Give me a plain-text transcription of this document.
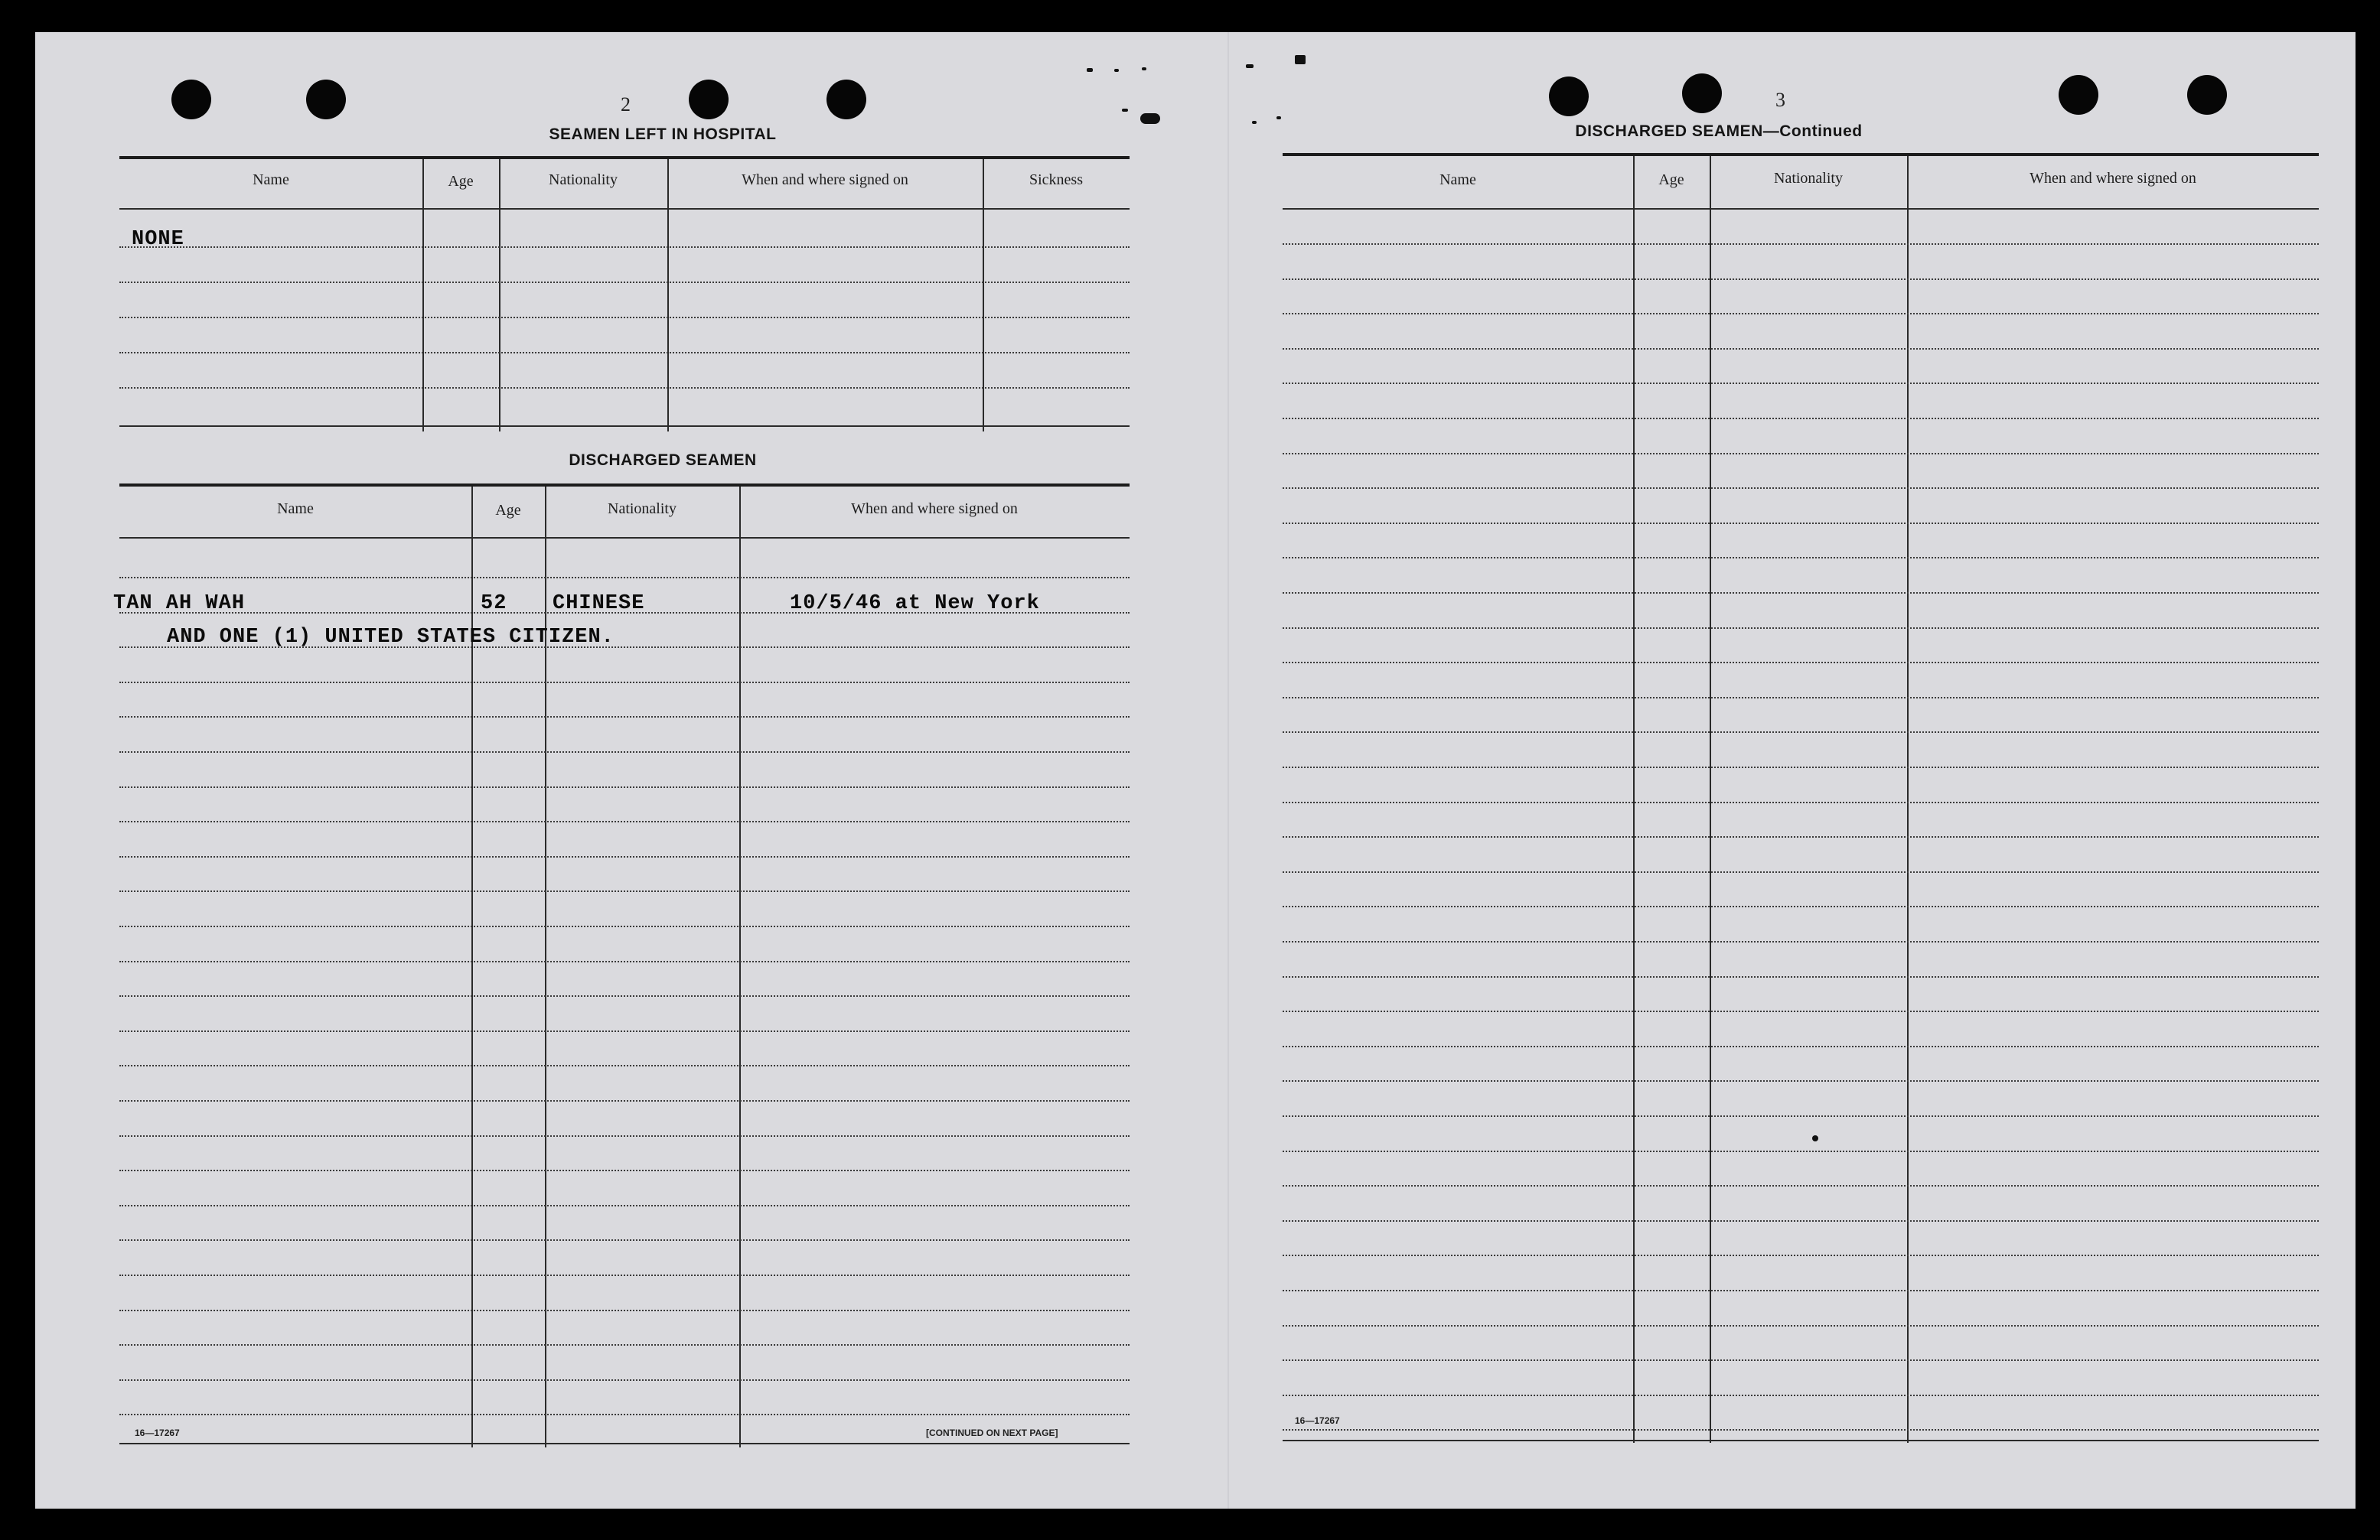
2
SEAMEN LEFT IN HOSPITAL
Name	Age	Nationality	When and where signed on	Sickness
NONE
DISCHARGED SEAMEN
Name	Age	Nationality	When and where signed on
TAN AH WAH	52 CHINESE	10/5/46 at New York
AND ONE (1) UNITED STATES CITIZEN.
16—17267	[CONTINUED ON NEXT PAGE]
3
DISCHARGED SEAMEN—Continued
Name	Age	Nationality	When and where signed on
16—17267
